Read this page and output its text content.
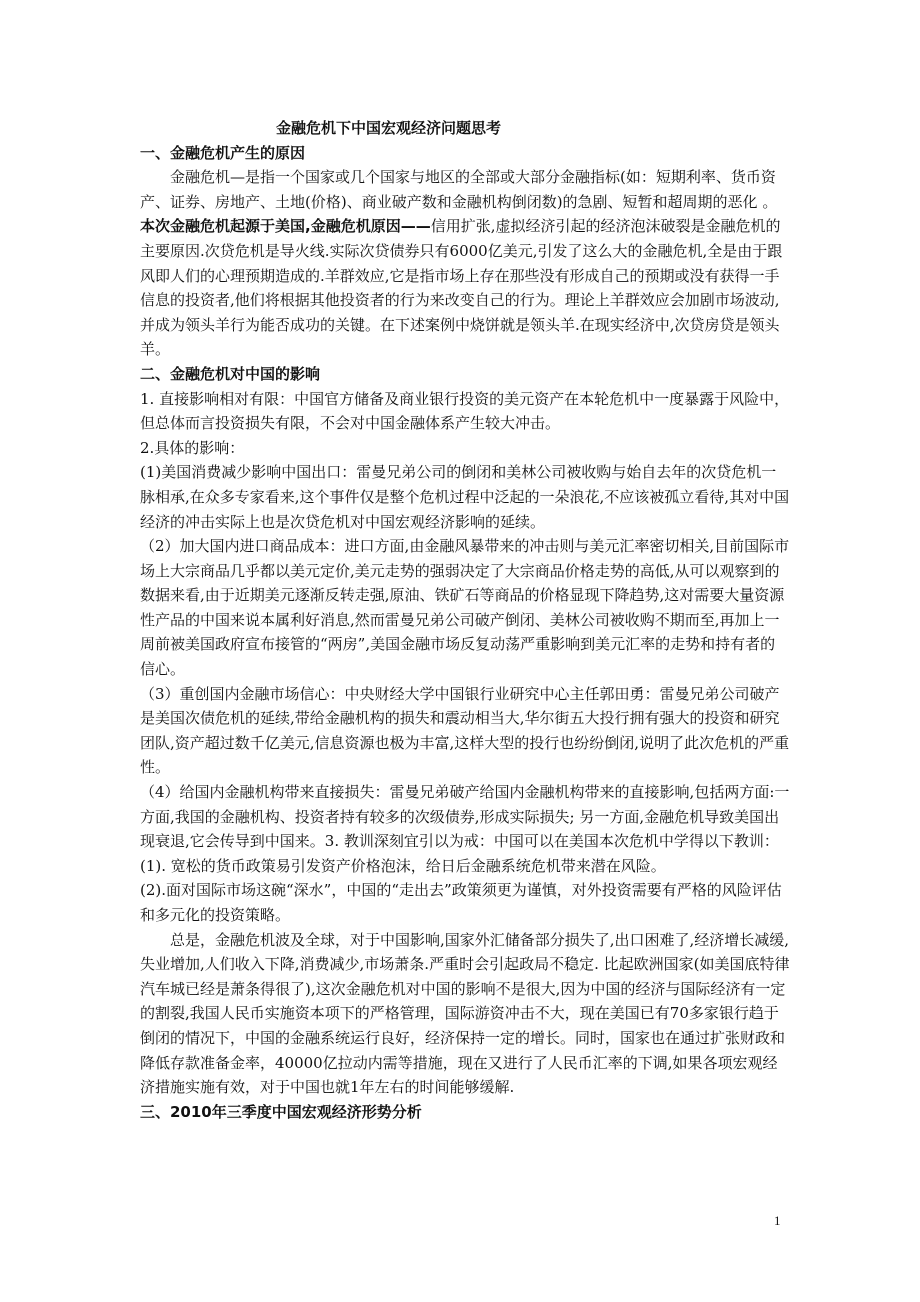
金融危机下中国宏观经济问题思考
一、金融危机产生的原因

金融危机—是指一个国家或几个国家与地区的全部或大部分金融指标(如：短期利率、货币资产、证券、房地产、土地(价格)、商业破产数和金融机构倒闭数)的急剧、短暂和超周期的恶化 。

本次金融危机起源于美国,金融危机原因——信用扩张,虚拟经济引起的经济泡沫破裂是金融危机的主要原因.次贷危机是导火线.实际次贷债券只有6000亿美元,引发了这么大的金融危机,全是由于跟风即人们的心理预期造成的.羊群效应,它是指市场上存在那些没有形成自己的预期或没有获得一手信息的投资者,他们将根据其他投资者的行为来改变自己的行为。理论上羊群效应会加剧市场波动,并成为领头羊行为能否成功的关键。在下述案例中烧饼就是领头羊.在现实经济中,次贷房贷是领头羊。

二、金融危机对中国的影响

1. 直接影响相对有限：中国官方储备及商业银行投资的美元资产在本轮危机中一度暴露于风险中，但总体而言投资损失有限，不会对中国金融体系产生较大冲击。

2.具体的影响：

(1)美国消费减少影响中国出口：雷曼兄弟公司的倒闭和美林公司被收购与始自去年的次贷危机一脉相承,在众多专家看来,这个事件仅是整个危机过程中泛起的一朵浪花,不应该被孤立看待,其对中国经济的冲击实际上也是次贷危机对中国宏观经济影响的延续。

（2）加大国内进口商品成本：进口方面,由金融风暴带来的冲击则与美元汇率密切相关,目前国际市场上大宗商品几乎都以美元定价,美元走势的强弱决定了大宗商品价格走势的高低,从可以观察到的数据来看,由于近期美元逐渐反转走强,原油、铁矿石等商品的价格显现下降趋势,这对需要大量资源性产品的中国来说本属利好消息,然而雷曼兄弟公司破产倒闭、美林公司被收购不期而至,再加上一周前被美国政府宣布接管的“两房”,美国金融市场反复动荡严重影响到美元汇率的走势和持有者的信心。

（3）重创国内金融市场信心：中央财经大学中国银行业研究中心主任郭田勇：雷曼兄弟公司破产是美国次债危机的延续,带给金融机构的损失和震动相当大,华尔街五大投行拥有强大的投资和研究团队,资产超过数千亿美元,信息资源也极为丰富,这样大型的投行也纷纷倒闭,说明了此次危机的严重性。

（4）给国内金融机构带来直接损失：雷曼兄弟破产给国内金融机构带来的直接影响,包括两方面:一方面,我国的金融机构、投资者持有较多的次级债券,形成实际损失; 另一方面,金融危机导致美国出现衰退,它会传导到中国来。3. 教训深刻宜引以为戒：中国可以在美国本次危机中学得以下教训：

(1). 宽松的货币政策易引发资产价格泡沫，给日后金融系统危机带来潜在风险。

(2).面对国际市场这碗“深水”，中国的“走出去”政策须更为谨慎，对外投资需要有严格的风险评估和多元化的投资策略。

总是，金融危机波及全球，对于中国影响,国家外汇储备部分损失了,出口困难了,经济增长减缓,失业增加,人们收入下降,消费减少,市场萧条.严重时会引起政局不稳定. 比起欧洲国家(如美国底特律汽车城已经是萧条得很了),这次金融危机对中国的影响不是很大,因为中国的经济与国际经济有一定的割裂,我国人民币实施资本项下的严格管理，国际游资冲击不大，现在美国已有70多家银行趋于倒闭的情况下，中国的金融系统运行良好，经济保持一定的增长。同时，国家也在通过扩张财政和降低存款准备金率，40000亿拉动内需等措施，现在又进行了人民币汇率的下调,如果各项宏观经济措施实施有效，对于中国也就1年左右的时间能够缓解.

三、2010年三季度中国宏观经济形势分析
1
